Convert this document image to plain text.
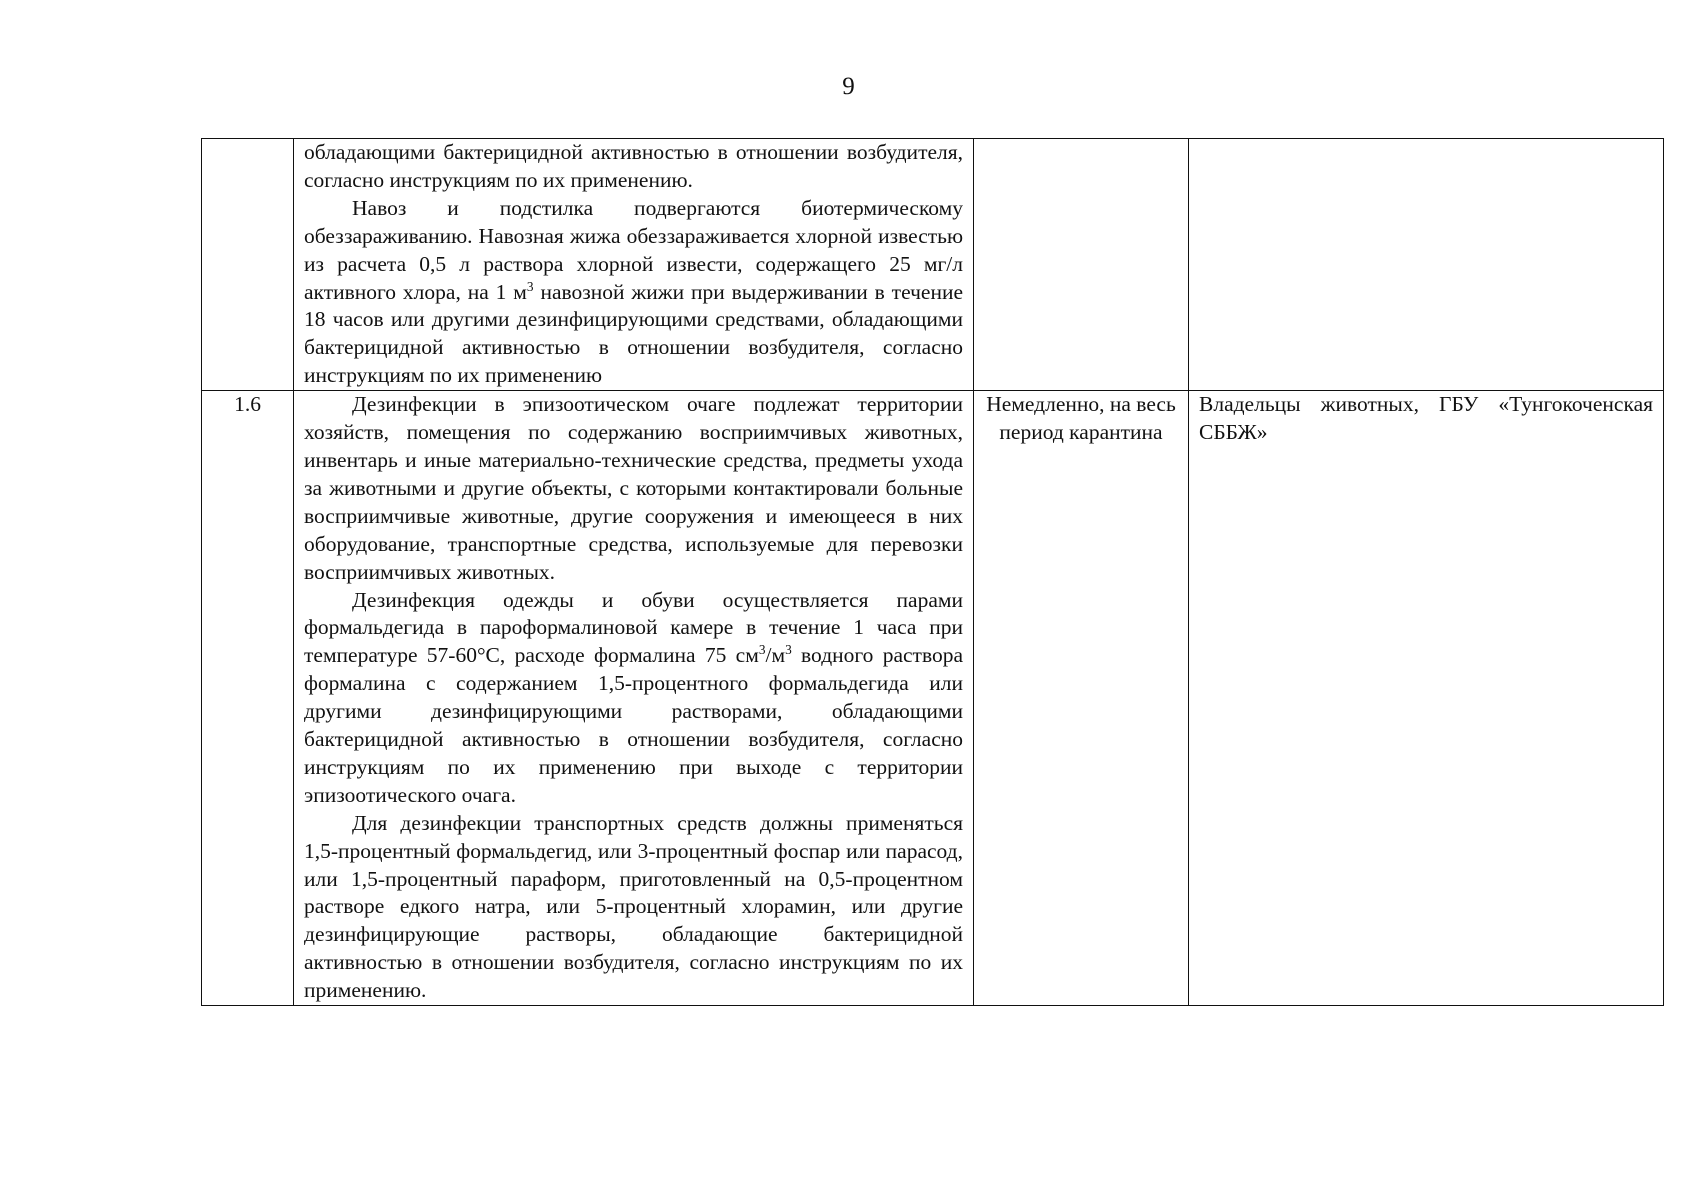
9

	обладающими бактерицидной активностью в отношении возбудителя, согласно инструкциям по их применению.

Навоз и подстилка подвергаются биотермическому обеззараживанию. Навозная жижа обеззараживается хлорной известью из расчета 0,5 л раствора хлорной извести, содержащего 25 мг/л активного хлора, на 1 $м^3$ навозной жижи при выдерживании в течение 18 часов или другими дезинфицирующими средствами, обладающими бактерицидной активностью в отношении возбудителя, согласно инструкциям по их применению		

1.6	Дезинфекции в эпизоотическом очаге подлежат территории хозяйств, помещения по содержанию восприимчивых животных, инвентарь и иные материально-технические средства, предметы ухода за животными и другие объекты, с которыми контактировали больные восприимчивые животные, другие сооружения и имеющееся в них оборудование, транспортные средства, используемые для перевозки восприимчивых животных.

Дезинфекция одежды и обуви осуществляется парами формальдегида в пароформалиновой камере в течение 1 часа при температуре 57-60°С, расходе формалина 75 $см^3/м^3$ водного раствора формалина с содержанием 1,5-процентного формальдегида или другими дезинфицирующими растворами, обладающими бактерицидной активностью в отношении возбудителя, согласно инструкциям по их применению при выходе с территории эпизоотического очага.

Для дезинфекции транспортных средств должны применяться 1,5-процентный формальдегид, или 3-процентный фоспар или парасод, или 1,5-процентный параформ, приготовленный на 0,5-процентном растворе едкого натра, или 5-процентный хлорамин, или другие дезинфицирующие растворы, обладающие бактерицидной активностью в отношении возбудителя, согласно инструкциям по их применению.	Немедленно, на весь период карантина	Владельцы животных, ГБУ «Тунгокоченская СББЖ»
